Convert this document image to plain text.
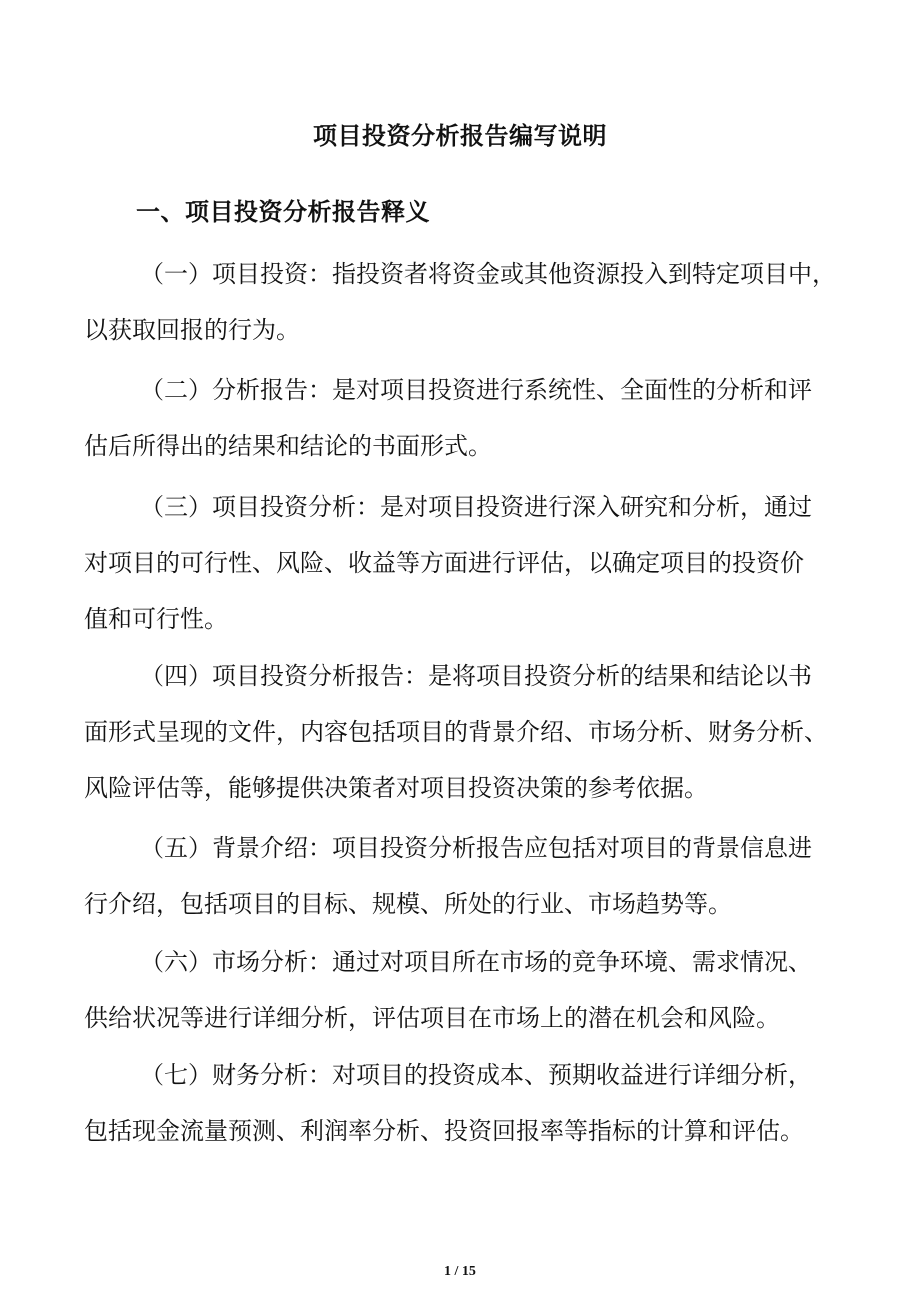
项目投资分析报告编写说明
一、项目投资分析报告释义

（一）项目投资：指投资者将资金或其他资源投入到特定项目中，
以获取回报的行为。

（二）分析报告：是对项目投资进行系统性、全面性的分析和评
估后所得出的结果和结论的书面形式。

（三）项目投资分析：是对项目投资进行深入研究和分析，通过
对项目的可行性、风险、收益等方面进行评估，以确定项目的投资价
值和可行性。

（四）项目投资分析报告：是将项目投资分析的结果和结论以书
面形式呈现的文件，内容包括项目的背景介绍、市场分析、财务分析、
风险评估等，能够提供决策者对项目投资决策的参考依据。

（五）背景介绍：项目投资分析报告应包括对项目的背景信息进
行介绍，包括项目的目标、规模、所处的行业、市场趋势等。

（六）市场分析：通过对项目所在市场的竞争环境、需求情况、
供给状况等进行详细分析，评估项目在市场上的潜在机会和风险。

（七）财务分析：对项目的投资成本、预期收益进行详细分析，
包括现金流量预测、利润率分析、投资回报率等指标的计算和评估。

1 / 15
